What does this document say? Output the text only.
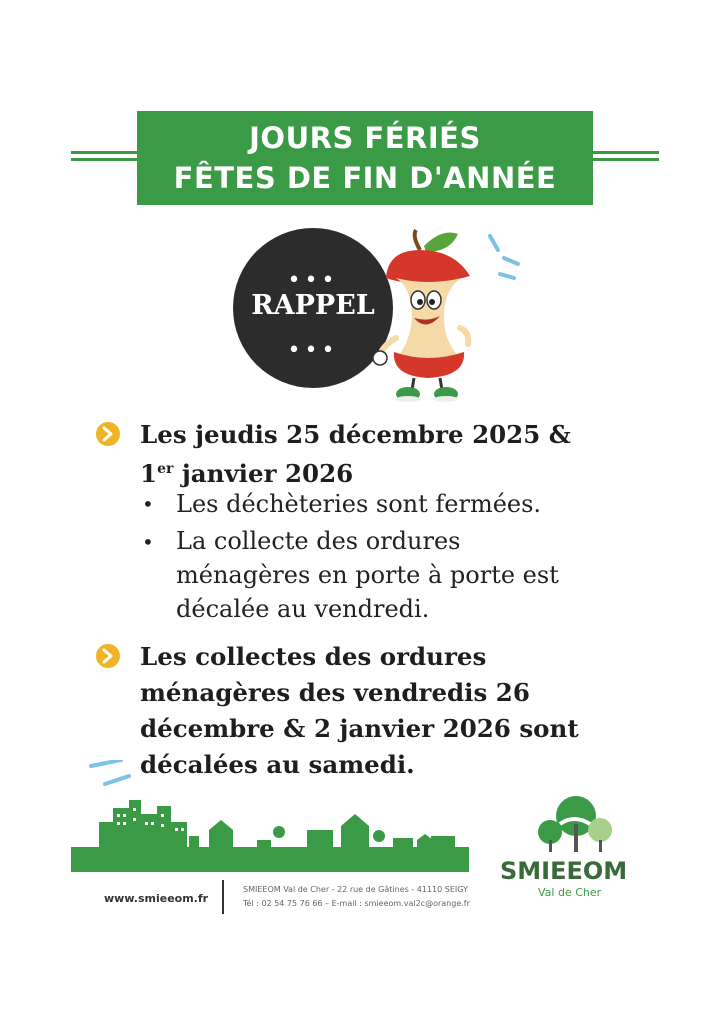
JOURS FÉRIÉS
FÊTES DE FIN D'ANNÉE
•••
RAPPEL
•••
Les jeudis 25 décembre 2025 &
1er janvier 2026
• Les déchèteries sont fermées.
• La collecte des ordures
ménagères en porte à porte est
décalée au vendredi.
Les collectes des ordures
ménagères des vendredis 26
décembre & 2 janvier 2026 sont
décalées au samedi.
www.smieeom.fr
SMIEEOM Val de Cher - 22 rue de Gâtines - 41110 SEIGY
Tél : 02 54 75 76 66 – E-mail : smieeom.val2c@orange.fr
SMIEEOM
Val de Cher
